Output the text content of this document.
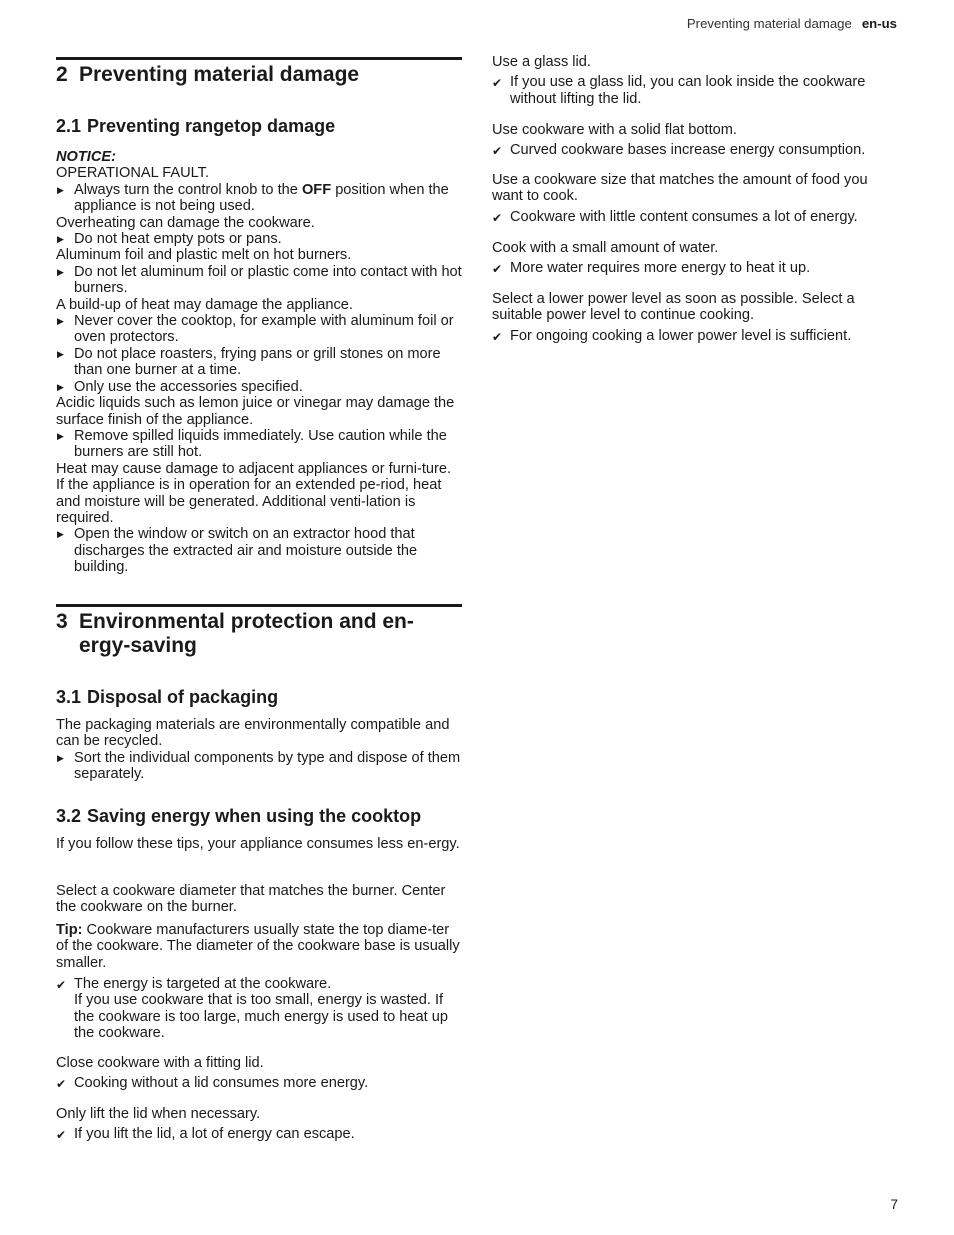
Preventing material damage en-us
2 Preventing material damage
2.1 Preventing rangetop damage

NOTICE:

OPERATIONAL FAULT.

▶ Always turn the control knob to the OFF position when the appliance is not being used.

Overheating can damage the cookware.

▶ Do not heat empty pots or pans.

Aluminum foil and plastic melt on hot burners.

▶ Do not let aluminum foil or plastic come into contact with hot burners.

A build-up of heat may damage the appliance.

▶ Never cover the cooktop, for example with aluminum foil or oven protectors.
▶ Do not place roasters, frying pans or grill stones on more than one burner at a time.
▶ Only use the accessories specified.

Acidic liquids such as lemon juice or vinegar may damage the surface finish of the appliance.

▶ Remove spilled liquids immediately. Use caution while the burners are still hot.

Heat may cause damage to adjacent appliances or furni-ture. If the appliance is in operation for an extended pe-riod, heat and moisture will be generated. Additional venti-lation is required.

▶ Open the window or switch on an extractor hood that discharges the extracted air and moisture outside the building.
3 Environmental protection and en-ergy-saving
3.1 Disposal of packaging

The packaging materials are environmentally compatible and can be recycled.

▶ Sort the individual components by type and dispose of them separately.
3.2 Saving energy when using the cooktop

If you follow these tips, your appliance consumes less en-ergy.

Select a cookware diameter that matches the burner. Center the cookware on the burner.

Tip: Cookware manufacturers usually state the top diame-ter of the cookware. The diameter of the cookware base is usually smaller.

✔ The energy is targeted at the cookware.
If you use cookware that is too small, energy is wasted. If the cookware is too large, much energy is used to heat up the cookware.

Close cookware with a fitting lid.

✔ Cooking without a lid consumes more energy.

Only lift the lid when necessary.

✔ If you lift the lid, a lot of energy can escape.

Use a glass lid.

✔ If you use a glass lid, you can look inside the cookware without lifting the lid.

Use cookware with a solid flat bottom.

✔ Curved cookware bases increase energy consumption.

Use a cookware size that matches the amount of food you want to cook.

✔ Cookware with little content consumes a lot of energy.

Cook with a small amount of water.

✔ More water requires more energy to heat it up.

Select a lower power level as soon as possible. Select a suitable power level to continue cooking.

✔ For ongoing cooking a lower power level is sufficient.
7
